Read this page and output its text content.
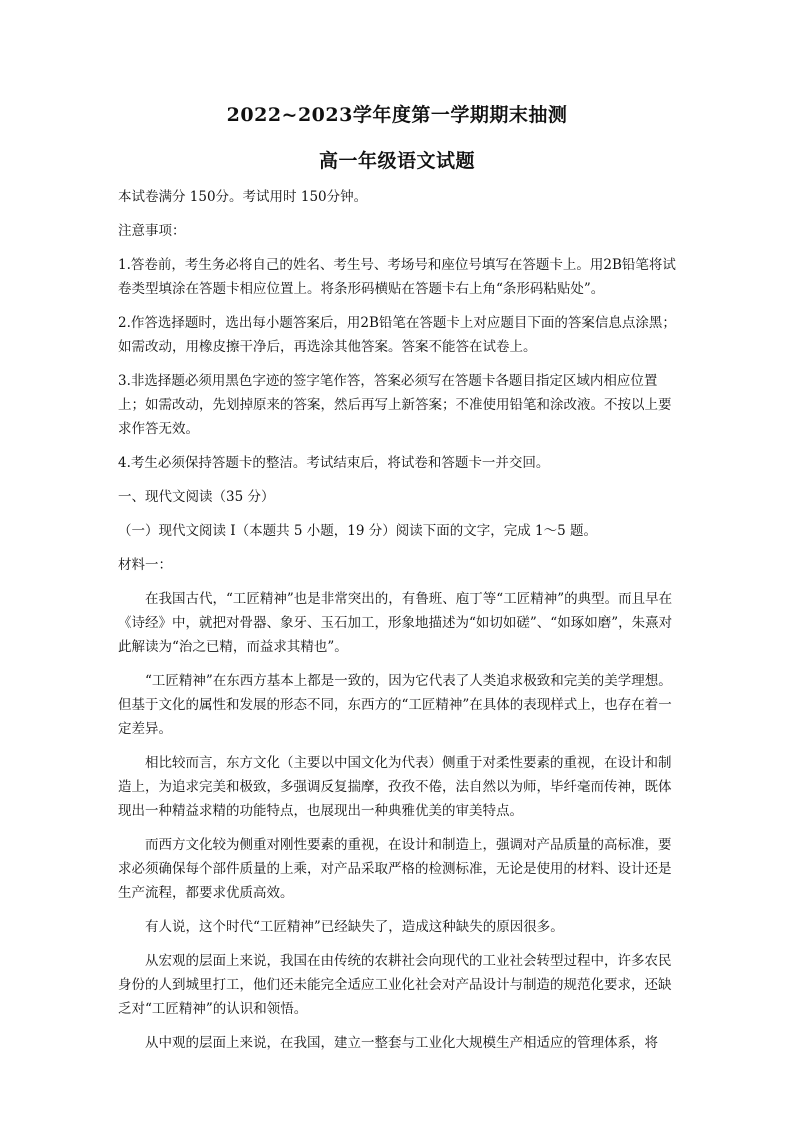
2022~2023学年度第一学期期末抽测
高一年级语文试题

本试卷满分 150分。考试用时 150分钟。

注意事项：

1.答卷前，考生务必将自己的姓名、考生号、考场号和座位号填写在答题卡上。用2B铅笔将试卷类型填涂在答题卡相应位置上。将条形码横贴在答题卡右上角“条形码粘贴处”。

2.作答选择题时，选出每小题答案后，用2B铅笔在答题卡上对应题目下面的答案信息点涂黑；如需改动，用橡皮擦干净后，再选涂其他答案。答案不能答在试卷上。

3.非选择题必须用黑色字迹的签字笔作答，答案必须写在答题卡各题目指定区域内相应位置上；如需改动，先划掉原来的答案，然后再写上新答案；不准使用铅笔和涂改液。不按以上要求作答无效。

4.考生必须保持答题卡的整洁。考试结束后，将试卷和答题卡一并交回。

一、现代文阅读（35 分）

（一）现代文阅读 I（本题共 5 小题，19 分）阅读下面的文字，完成 1～5 题。

材料一：

在我国古代，“工匠精神”也是非常突出的，有鲁班、庖丁等“工匠精神”的典型。而且早在《诗经》中，就把对骨器、象牙、玉石加工，形象地描述为“如切如磋”、“如琢如磨”，朱熹对此解读为“治之已精，而益求其精也”。

“工匠精神”在东西方基本上都是一致的，因为它代表了人类追求极致和完美的美学理想。但基于文化的属性和发展的形态不同，东西方的“工匠精神”在具体的表现样式上，也存在着一定差异。

相比较而言，东方文化（主要以中国文化为代表）侧重于对柔性要素的重视，在设计和制造上，为追求完美和极致，多强调反复揣摩，孜孜不倦，法自然以为师，毕纤毫而传神，既体现出一种精益求精的功能特点，也展现出一种典雅优美的审美特点。

而西方文化较为侧重对刚性要素的重视，在设计和制造上，强调对产品质量的高标准，要求必须确保每个部件质量的上乘，对产品采取严格的检测标准，无论是使用的材料、设计还是生产流程，都要求优质高效。

有人说，这个时代“工匠精神”已经缺失了，造成这种缺失的原因很多。

从宏观的层面上来说，我国在由传统的农耕社会向现代的工业社会转型过程中，许多农民身份的人到城里打工，他们还未能完全适应工业化社会对产品设计与制造的规范化要求，还缺乏对“工匠精神”的认识和领悟。

从中观的层面上来说，在我国，建立一整套与工业化大规模生产相适应的管理体系，将
